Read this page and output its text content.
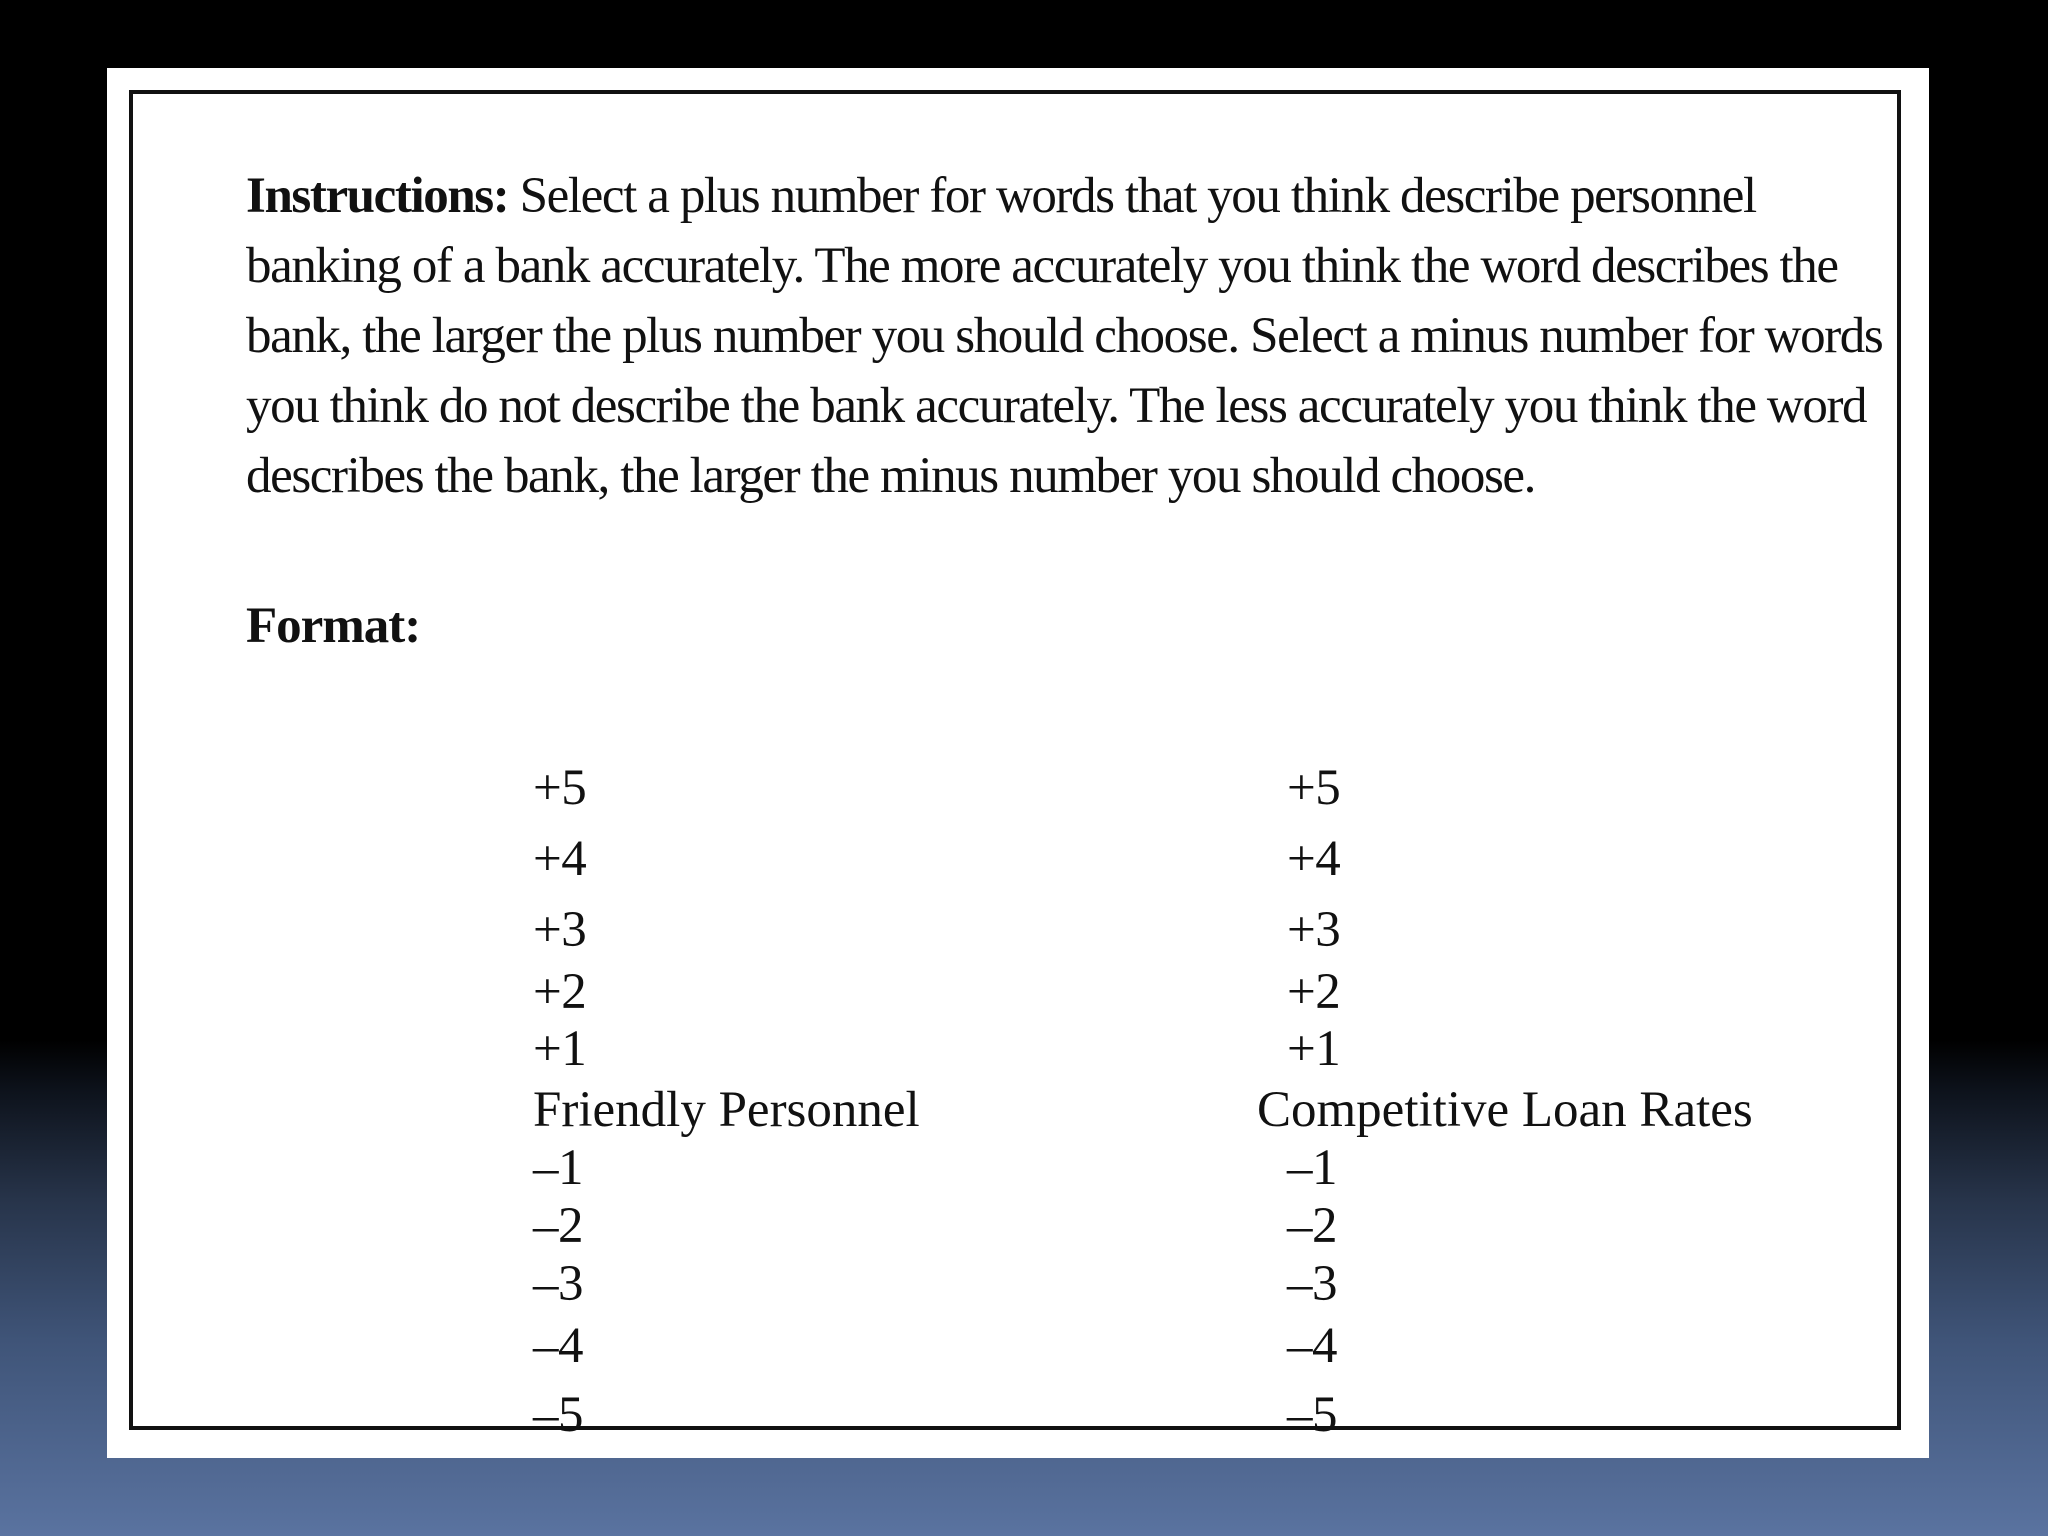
Instructions: Select a plus number for words that you think describe personnel banking of a bank accurately. The more accurately you think the word describes the bank, the larger the plus number you should choose. Select a minus number for words you think do not describe the bank accurately. The less accurately you think the word describes the bank, the larger the minus number you should choose.

Format:

+5
+4
+3
+2
+1
Friendly Personnel
–1
–2
–3
–4
–5
+5
+4
+3
+2
+1
Competitive Loan Rates
–1
–2
–3
–4
–5
